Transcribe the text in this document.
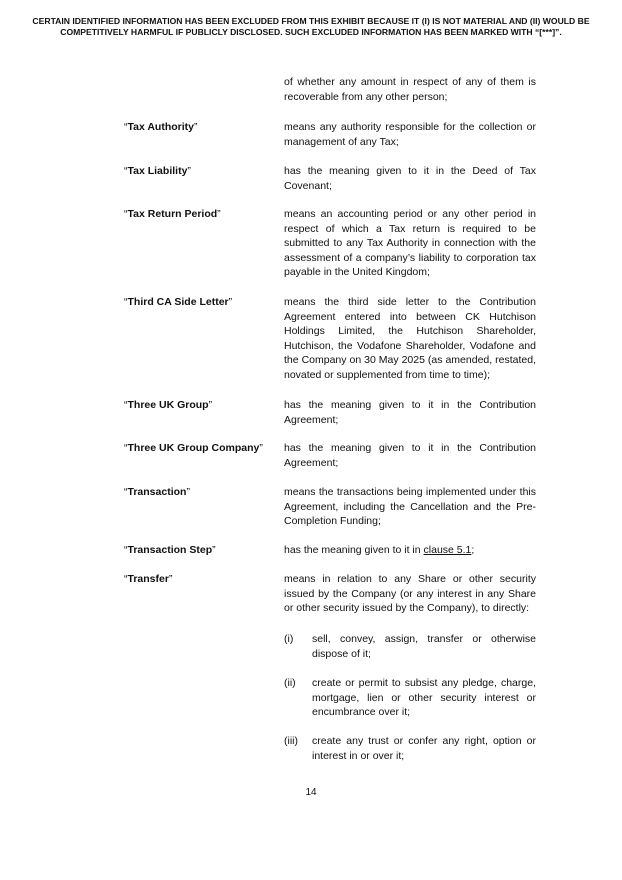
CERTAIN IDENTIFIED INFORMATION HAS BEEN EXCLUDED FROM THIS EXHIBIT BECAUSE IT (I) IS NOT MATERIAL AND (II) WOULD BE COMPETITIVELY HARMFUL IF PUBLICLY DISCLOSED. SUCH EXCLUDED INFORMATION HAS BEEN MARKED WITH “[***]”.
of whether any amount in respect of any of them is recoverable from any other person;
“Tax Authority”	means any authority responsible for the collection or management of any Tax;
“Tax Liability”	has the meaning given to it in the Deed of Tax Covenant;
“Tax Return Period”	means an accounting period or any other period in respect of which a Tax return is required to be submitted to any Tax Authority in connection with the assessment of a company’s liability to corporation tax payable in the United Kingdom;
“Third CA Side Letter”	means the third side letter to the Contribution Agreement entered into between CK Hutchison Holdings Limited, the Hutchison Shareholder, Hutchison, the Vodafone Shareholder, Vodafone and the Company on 30 May 2025 (as amended, restated, novated or supplemented from time to time);
“Three UK Group”	has the meaning given to it in the Contribution Agreement;
“Three UK Group Company”	has the meaning given to it in the Contribution Agreement;
“Transaction”	means the transactions being implemented under this Agreement, including the Cancellation and the Pre-Completion Funding;
“Transaction Step”	has the meaning given to it in clause 5.1;
“Transfer”	means in relation to any Share or other security issued by the Company (or any interest in any Share or other security issued by the Company), to directly:
(i) sell, convey, assign, transfer or otherwise dispose of it;
(ii) create or permit to subsist any pledge, charge, mortgage, lien or other security interest or encumbrance over it;
(iii) create any trust or confer any right, option or interest in or over it;
14
